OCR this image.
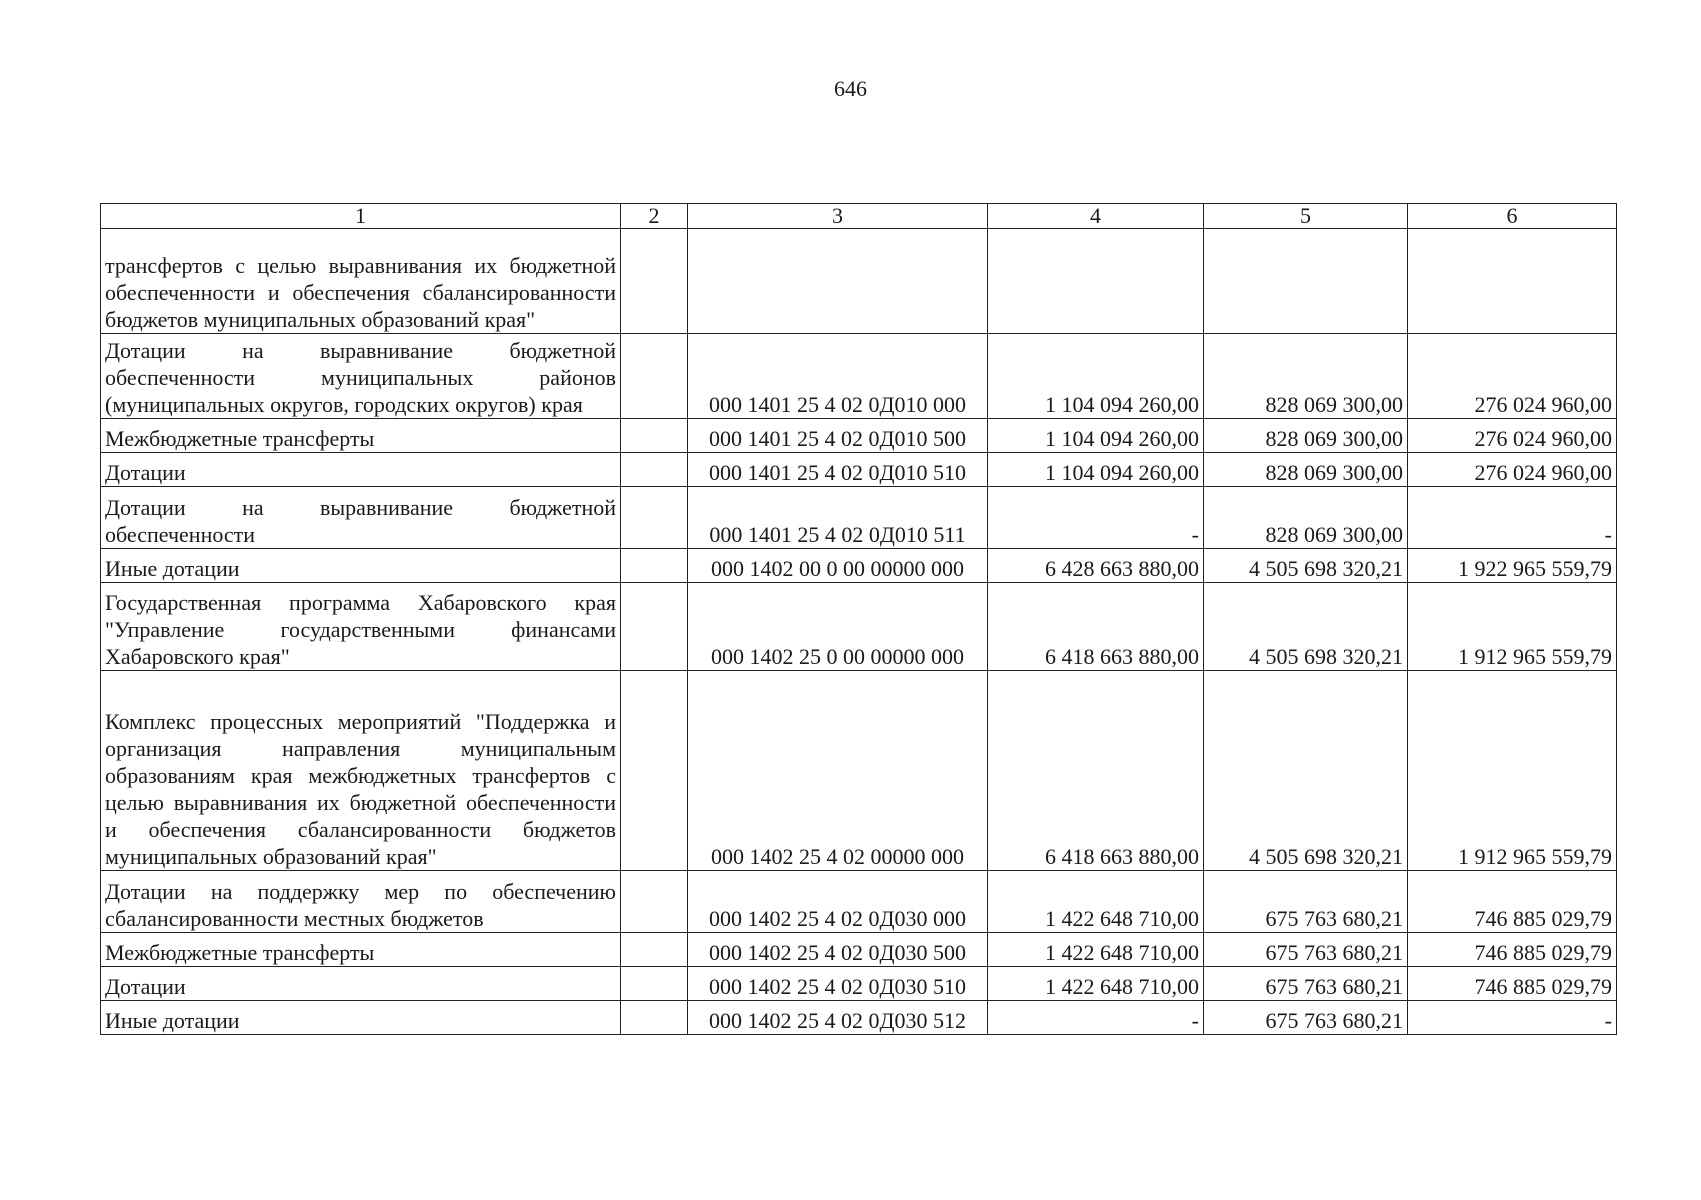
646
1	2	3	4	5	6
трансфертов с целью выравнивания их бюджетной обеспеченности и обеспечения сбалансированности бюджетов муниципальных образований края"					
Дотации на выравнивание бюджетной обеспеченности муниципальных районов (муниципальных округов, городских округов) края		000 1401 25 4 02 0Д010 000	1 104 094 260,00	828 069 300,00	276 024 960,00
Межбюджетные трансферты		000 1401 25 4 02 0Д010 500	1 104 094 260,00	828 069 300,00	276 024 960,00
Дотации		000 1401 25 4 02 0Д010 510	1 104 094 260,00	828 069 300,00	276 024 960,00
Дотации на выравнивание бюджетной обеспеченности		000 1401 25 4 02 0Д010 511	-	828 069 300,00	-
Иные дотации		000 1402 00 0 00 00000 000	6 428 663 880,00	4 505 698 320,21	1 922 965 559,79
Государственная программа Хабаровского края "Управление государственными финансами Хабаровского края"		000 1402 25 0 00 00000 000	6 418 663 880,00	4 505 698 320,21	1 912 965 559,79
Комплекс процессных мероприятий "Поддержка и организация направления муниципальным образованиям края межбюджетных трансфертов с целью выравнивания их бюджетной обеспеченности и обеспечения сбалансированности бюджетов муниципальных образований края"		000 1402 25 4 02 00000 000	6 418 663 880,00	4 505 698 320,21	1 912 965 559,79
Дотации на поддержку мер по обеспечению сбалансированности местных бюджетов		000 1402 25 4 02 0Д030 000	1 422 648 710,00	675 763 680,21	746 885 029,79
Межбюджетные трансферты		000 1402 25 4 02 0Д030 500	1 422 648 710,00	675 763 680,21	746 885 029,79
Дотации		000 1402 25 4 02 0Д030 510	1 422 648 710,00	675 763 680,21	746 885 029,79
Иные дотации		000 1402 25 4 02 0Д030 512	-	675 763 680,21	-
